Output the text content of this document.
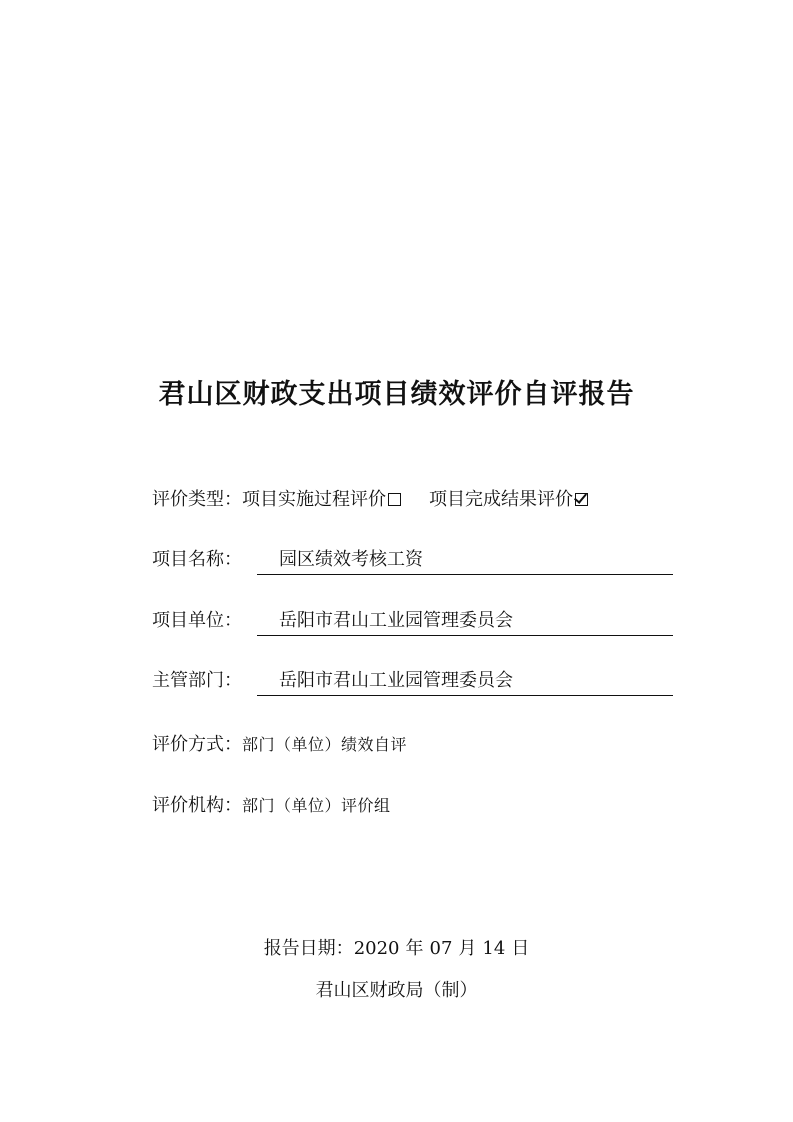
君山区财政支出项目绩效评价自评报告
评价类型：项目实施过程评价 项目完成结果评价
项目名称：	园区绩效考核工资
项目单位：	岳阳市君山工业园管理委员会
主管部门：	岳阳市君山工业园管理委员会
评价方式：部门（单位）绩效自评
评价机构：部门（单位）评价组
报告日期：2020 年 07 月 14 日
君山区财政局（制）
